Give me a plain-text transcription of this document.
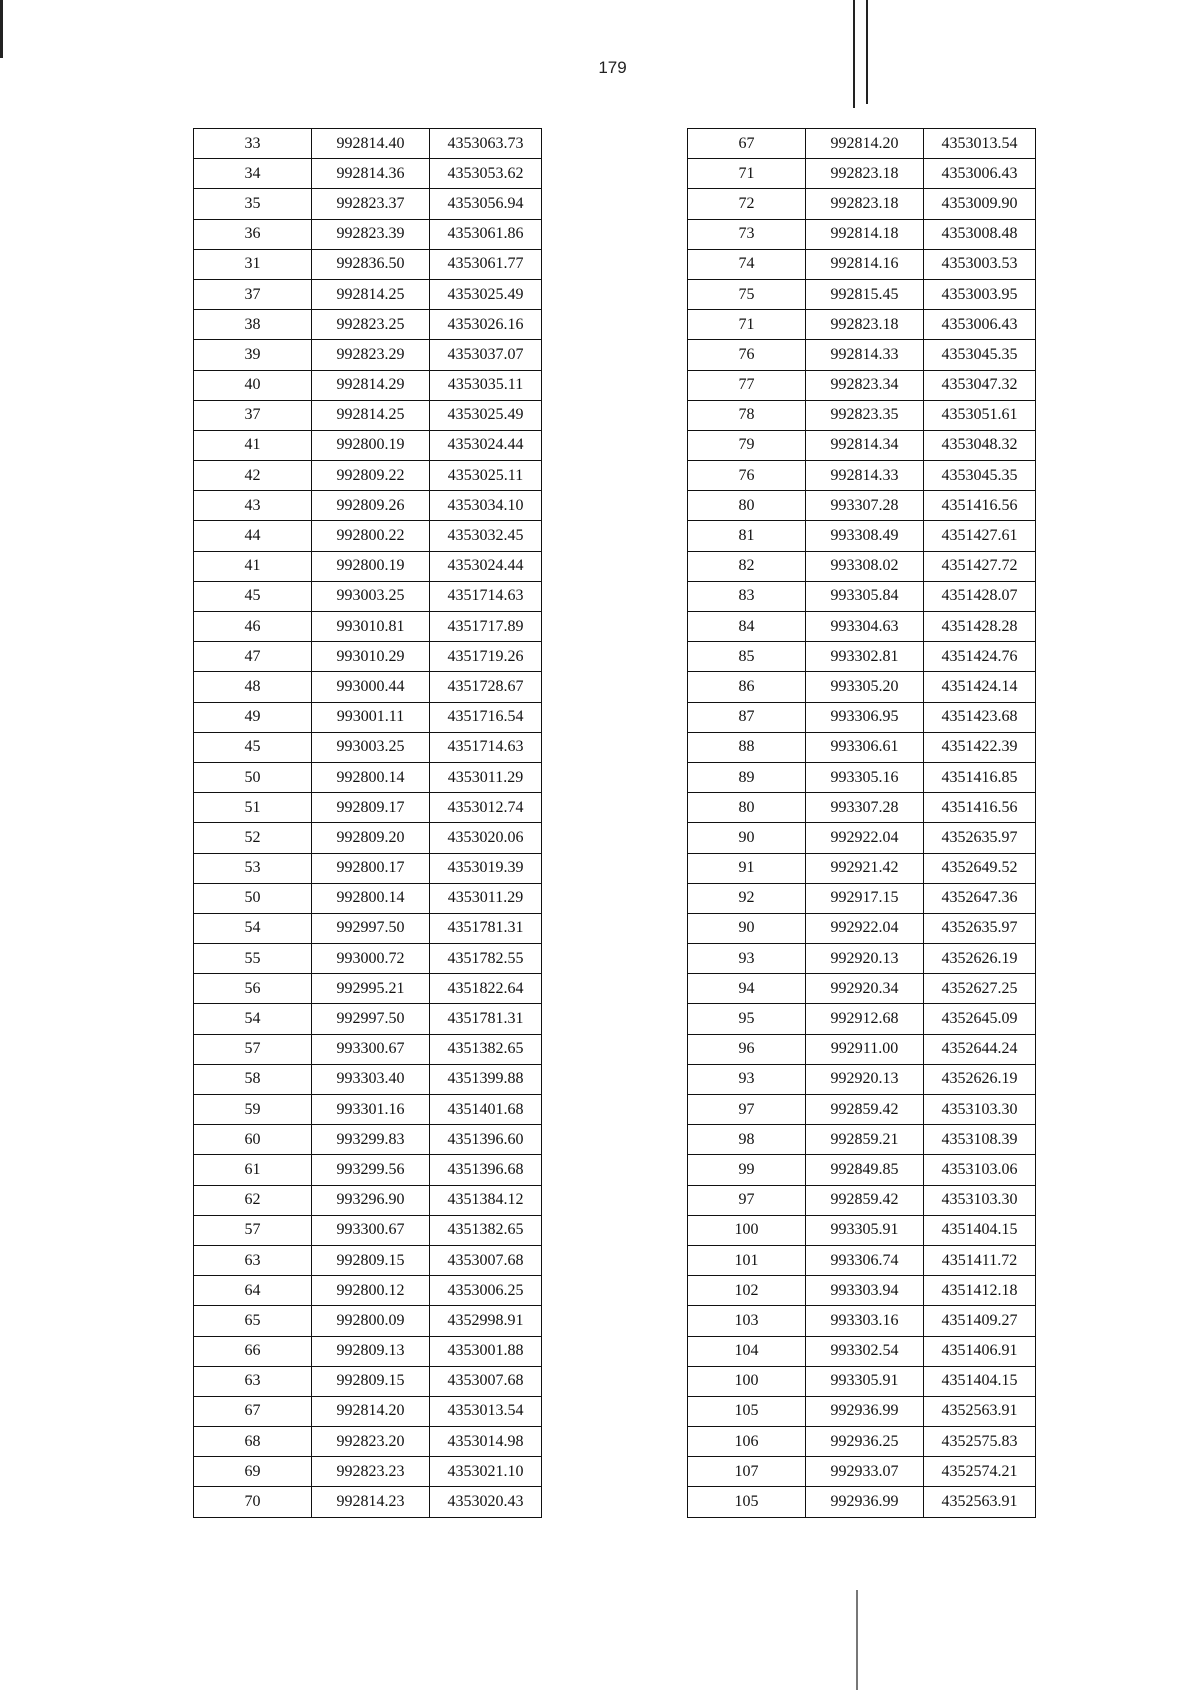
179
33	992814.40	4353063.73
34	992814.36	4353053.62
35	992823.37	4353056.94
36	992823.39	4353061.86
31	992836.50	4353061.77
37	992814.25	4353025.49
38	992823.25	4353026.16
39	992823.29	4353037.07
40	992814.29	4353035.11
37	992814.25	4353025.49
41	992800.19	4353024.44
42	992809.22	4353025.11
43	992809.26	4353034.10
44	992800.22	4353032.45
41	992800.19	4353024.44
45	993003.25	4351714.63
46	993010.81	4351717.89
47	993010.29	4351719.26
48	993000.44	4351728.67
49	993001.11	4351716.54
45	993003.25	4351714.63
50	992800.14	4353011.29
51	992809.17	4353012.74
52	992809.20	4353020.06
53	992800.17	4353019.39
50	992800.14	4353011.29
54	992997.50	4351781.31
55	993000.72	4351782.55
56	992995.21	4351822.64
54	992997.50	4351781.31
57	993300.67	4351382.65
58	993303.40	4351399.88
59	993301.16	4351401.68
60	993299.83	4351396.60
61	993299.56	4351396.68
62	993296.90	4351384.12
57	993300.67	4351382.65
63	992809.15	4353007.68
64	992800.12	4353006.25
65	992800.09	4352998.91
66	992809.13	4353001.88
63	992809.15	4353007.68
67	992814.20	4353013.54
68	992823.20	4353014.98
69	992823.23	4353021.10
70	992814.23	4353020.43
67	992814.20	4353013.54
71	992823.18	4353006.43
72	992823.18	4353009.90
73	992814.18	4353008.48
74	992814.16	4353003.53
75	992815.45	4353003.95
71	992823.18	4353006.43
76	992814.33	4353045.35
77	992823.34	4353047.32
78	992823.35	4353051.61
79	992814.34	4353048.32
76	992814.33	4353045.35
80	993307.28	4351416.56
81	993308.49	4351427.61
82	993308.02	4351427.72
83	993305.84	4351428.07
84	993304.63	4351428.28
85	993302.81	4351424.76
86	993305.20	4351424.14
87	993306.95	4351423.68
88	993306.61	4351422.39
89	993305.16	4351416.85
80	993307.28	4351416.56
90	992922.04	4352635.97
91	992921.42	4352649.52
92	992917.15	4352647.36
90	992922.04	4352635.97
93	992920.13	4352626.19
94	992920.34	4352627.25
95	992912.68	4352645.09
96	992911.00	4352644.24
93	992920.13	4352626.19
97	992859.42	4353103.30
98	992859.21	4353108.39
99	992849.85	4353103.06
97	992859.42	4353103.30
100	993305.91	4351404.15
101	993306.74	4351411.72
102	993303.94	4351412.18
103	993303.16	4351409.27
104	993302.54	4351406.91
100	993305.91	4351404.15
105	992936.99	4352563.91
106	992936.25	4352575.83
107	992933.07	4352574.21
105	992936.99	4352563.91
